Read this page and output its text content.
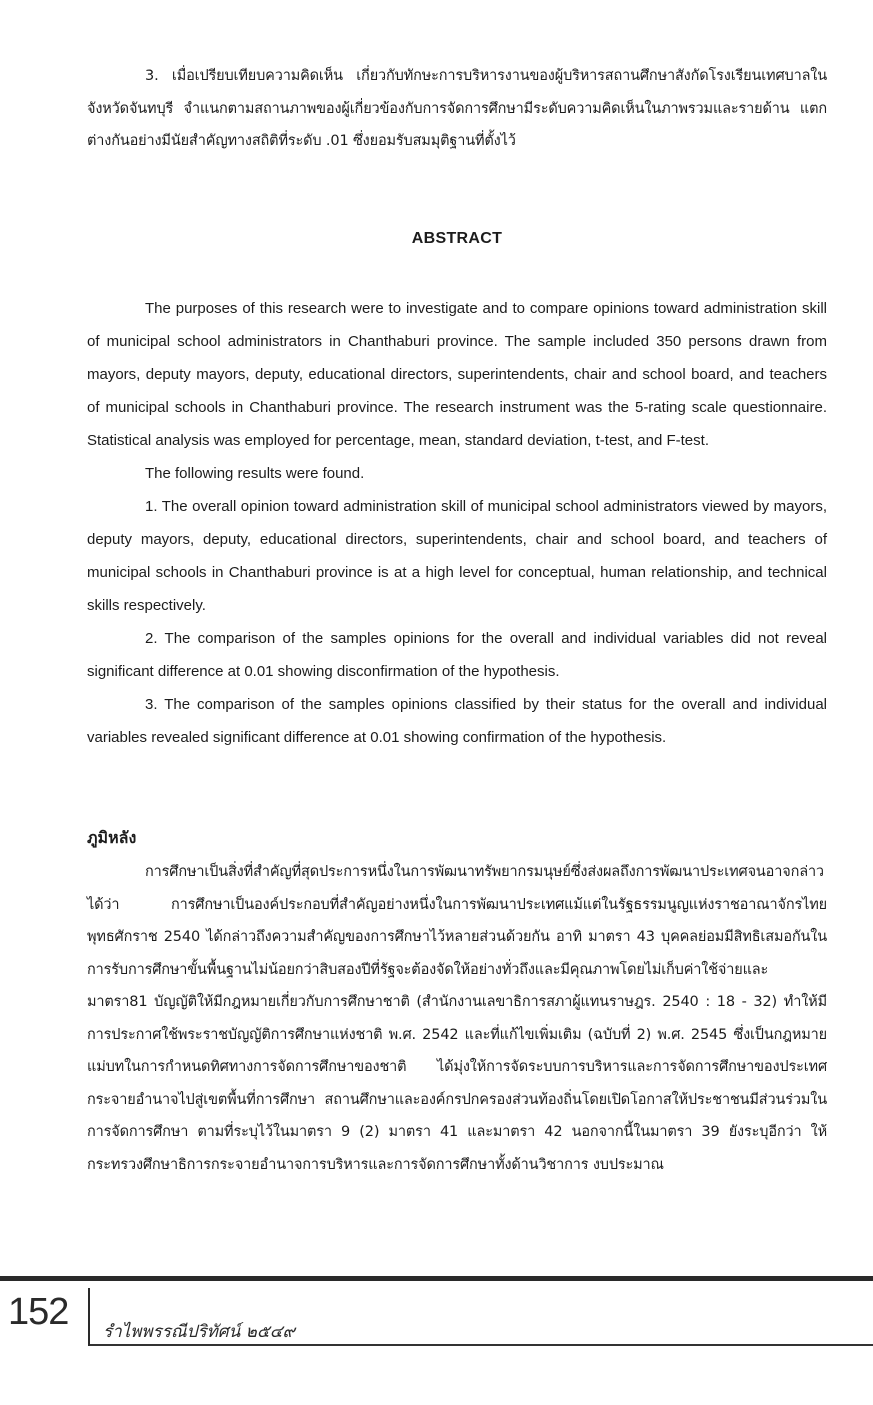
3. เมื่อเปรียบเทียบความคิดเห็น เกี่ยวกับทักษะการบริหารงานของผู้บริหารสถานศึกษาสังกัดโรงเรียนเทศบาลในจังหวัดจันทบุรี จำแนกตามสถานภาพของผู้เกี่ยวข้องกับการจัดการศึกษามีระดับความคิดเห็นในภาพรวมและรายด้าน แตกต่างกันอย่างมีนัยสำคัญทางสถิติที่ระดับ .01 ซึ่งยอมรับสมมุติฐานที่ตั้งไว้

ABSTRACT

The purposes of this research were to investigate and to compare opinions toward administration skill of municipal school administrators in Chanthaburi province. The sample included 350 persons drawn from mayors, deputy mayors, deputy, educational directors, superintendents, chair and school board, and teachers of municipal schools in Chanthaburi province. The research instrument was the 5-rating scale questionnaire. Statistical analysis was employed for percentage, mean, standard deviation, t-test, and F-test.

The following results were found.

1. The overall opinion toward administration skill of municipal school administrators viewed by mayors, deputy mayors, deputy, educational directors, superintendents, chair and school board, and teachers of municipal schools in Chanthaburi province is at a high level for conceptual, human relationship, and technical skills respectively.

2. The comparison of the samples opinions for the overall and individual variables did not reveal significant difference at 0.01 showing disconfirmation of the hypothesis.

3. The comparison of the samples opinions classified by their status for the overall and individual variables revealed significant difference at 0.01 showing confirmation of the hypothesis.

ภูมิหลัง

การศึกษาเป็นสิ่งที่สำคัญที่สุดประการหนึ่งในการพัฒนาทรัพยากรมนุษย์ซึ่งส่งผลถึงการพัฒนาประเทศจนอาจกล่าวได้ว่า การศึกษาเป็นองค์ประกอบที่สำคัญอย่างหนึ่งในการพัฒนาประเทศแม้แต่ในรัฐธรรมนูญแห่งราชอาณาจักรไทยพุทธศักราช 2540 ได้กล่าวถึงความสำคัญของการศึกษาไว้หลายส่วนด้วยกัน อาทิ มาตรา 43 บุคคลย่อมมีสิทธิเสมอกันในการรับการศึกษาขั้นพื้นฐานไม่น้อยกว่าสิบสองปีที่รัฐจะต้องจัดให้อย่างทั่วถึงและมีคุณภาพโดยไม่เก็บค่าใช้จ่ายและมาตรา81 บัญญัติให้มีกฎหมายเกี่ยวกับการศึกษาชาติ (สำนักงานเลขาธิการสภาผู้แทนราษฎร. 2540 : 18 - 32) ทำให้มีการประกาศใช้พระราชบัญญัติการศึกษาแห่งชาติ พ.ศ. 2542 และที่แก้ไขเพิ่มเติม (ฉบับที่ 2) พ.ศ. 2545 ซึ่งเป็นกฎหมายแม่บทในการกำหนดทิศทางการจัดการศึกษาของชาติ ได้มุ่งให้การจัดระบบการบริหารและการจัดการศึกษาของประเทศ กระจายอำนาจไปสู่เขตพื้นที่การศึกษา สถานศึกษาและองค์กรปกครองส่วนท้องถิ่นโดยเปิดโอกาสให้ประชาชนมีส่วนร่วมในการจัดการศึกษา ตามที่ระบุไว้ในมาตรา 9 (2) มาตรา 41 และมาตรา 42 นอกจากนี้ในมาตรา 39 ยังระบุอีกว่า ให้กระทรวงศึกษาธิการกระจายอำนาจการบริหารและการจัดการศึกษาทั้งด้านวิชาการ งบประมาณ

152 รำไพพรรณีปริทัศน์ ๒๕๔๙
